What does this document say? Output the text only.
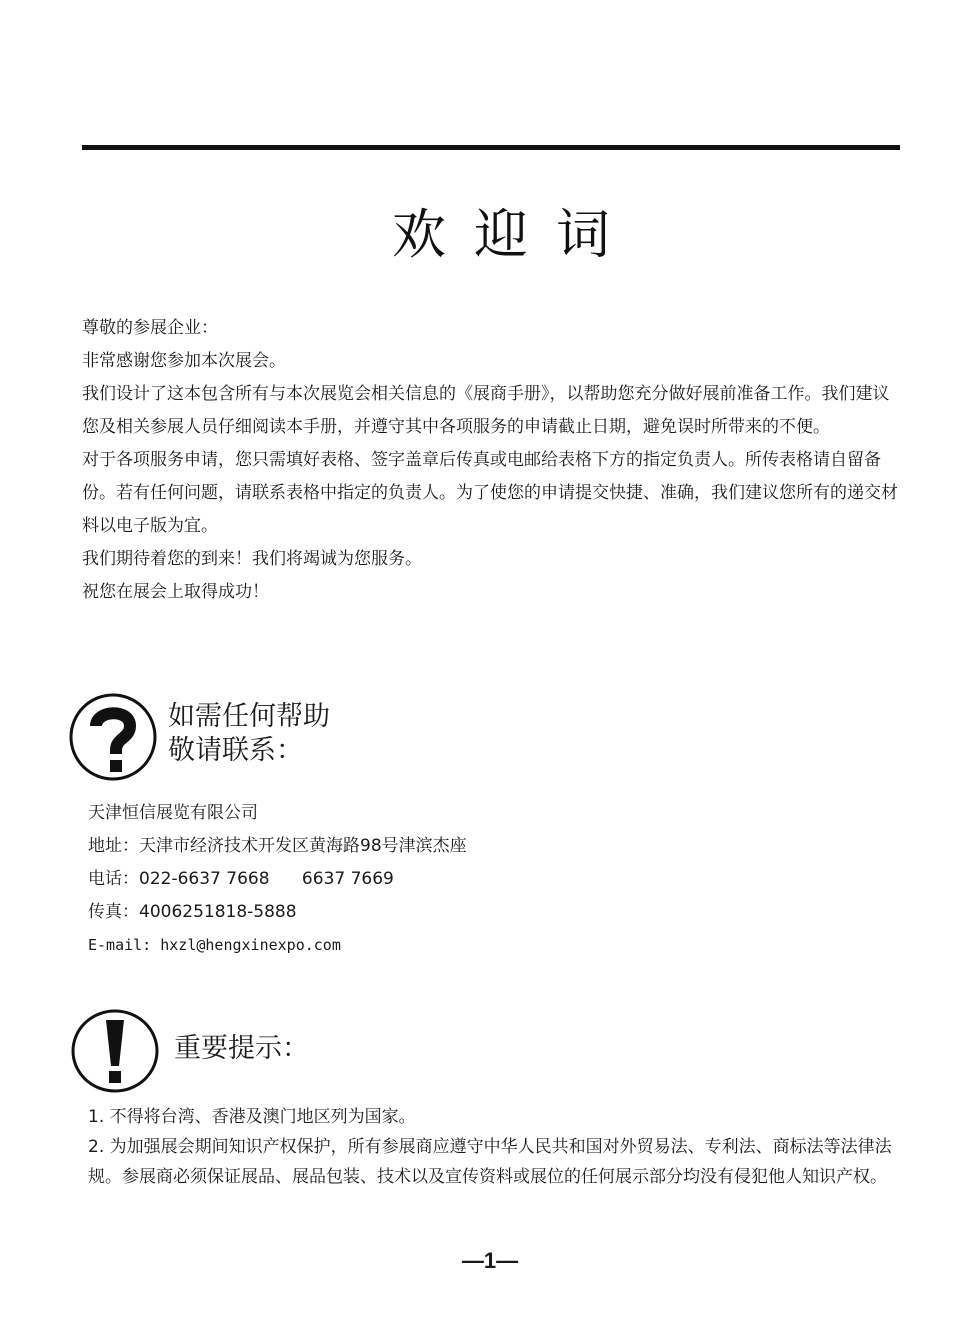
欢迎词

尊敬的参展企业：

非常感谢您参加本次展会。

我们设计了这本包含所有与本次展览会相关信息的《展商手册》，以帮助您充分做好展前准备工作。我们建议您及相关参展人员仔细阅读本手册，并遵守其中各项服务的申请截止日期，避免误时所带来的不便。

对于各项服务申请，您只需填好表格、签字盖章后传真或电邮给表格下方的指定负责人。所传表格请自留备份。若有任何问题，请联系表格中指定的负责人。为了使您的申请提交快捷、准确，我们建议您所有的递交材料以电子版为宜。

我们期待着您的到来！我们将竭诚为您服务。

祝您在展会上取得成功！

如需任何帮助
敬请联系：
天津恒信展览有限公司
地址：天津市经济技术开发区黄海路98号津滨杰座
电话：022-6637 7668      6637 7669
传真：4006251818-5888
E-mail: hxzl@hengxinexpo.com
重要提示：

1. 不得将台湾、香港及澳门地区列为国家。

2. 为加强展会期间知识产权保护，所有参展商应遵守中华人民共和国对外贸易法、专利法、商标法等法律法规。参展商必须保证展品、展品包装、技术以及宣传资料或展位的任何展示部分均没有侵犯他人知识产权。

—1—
